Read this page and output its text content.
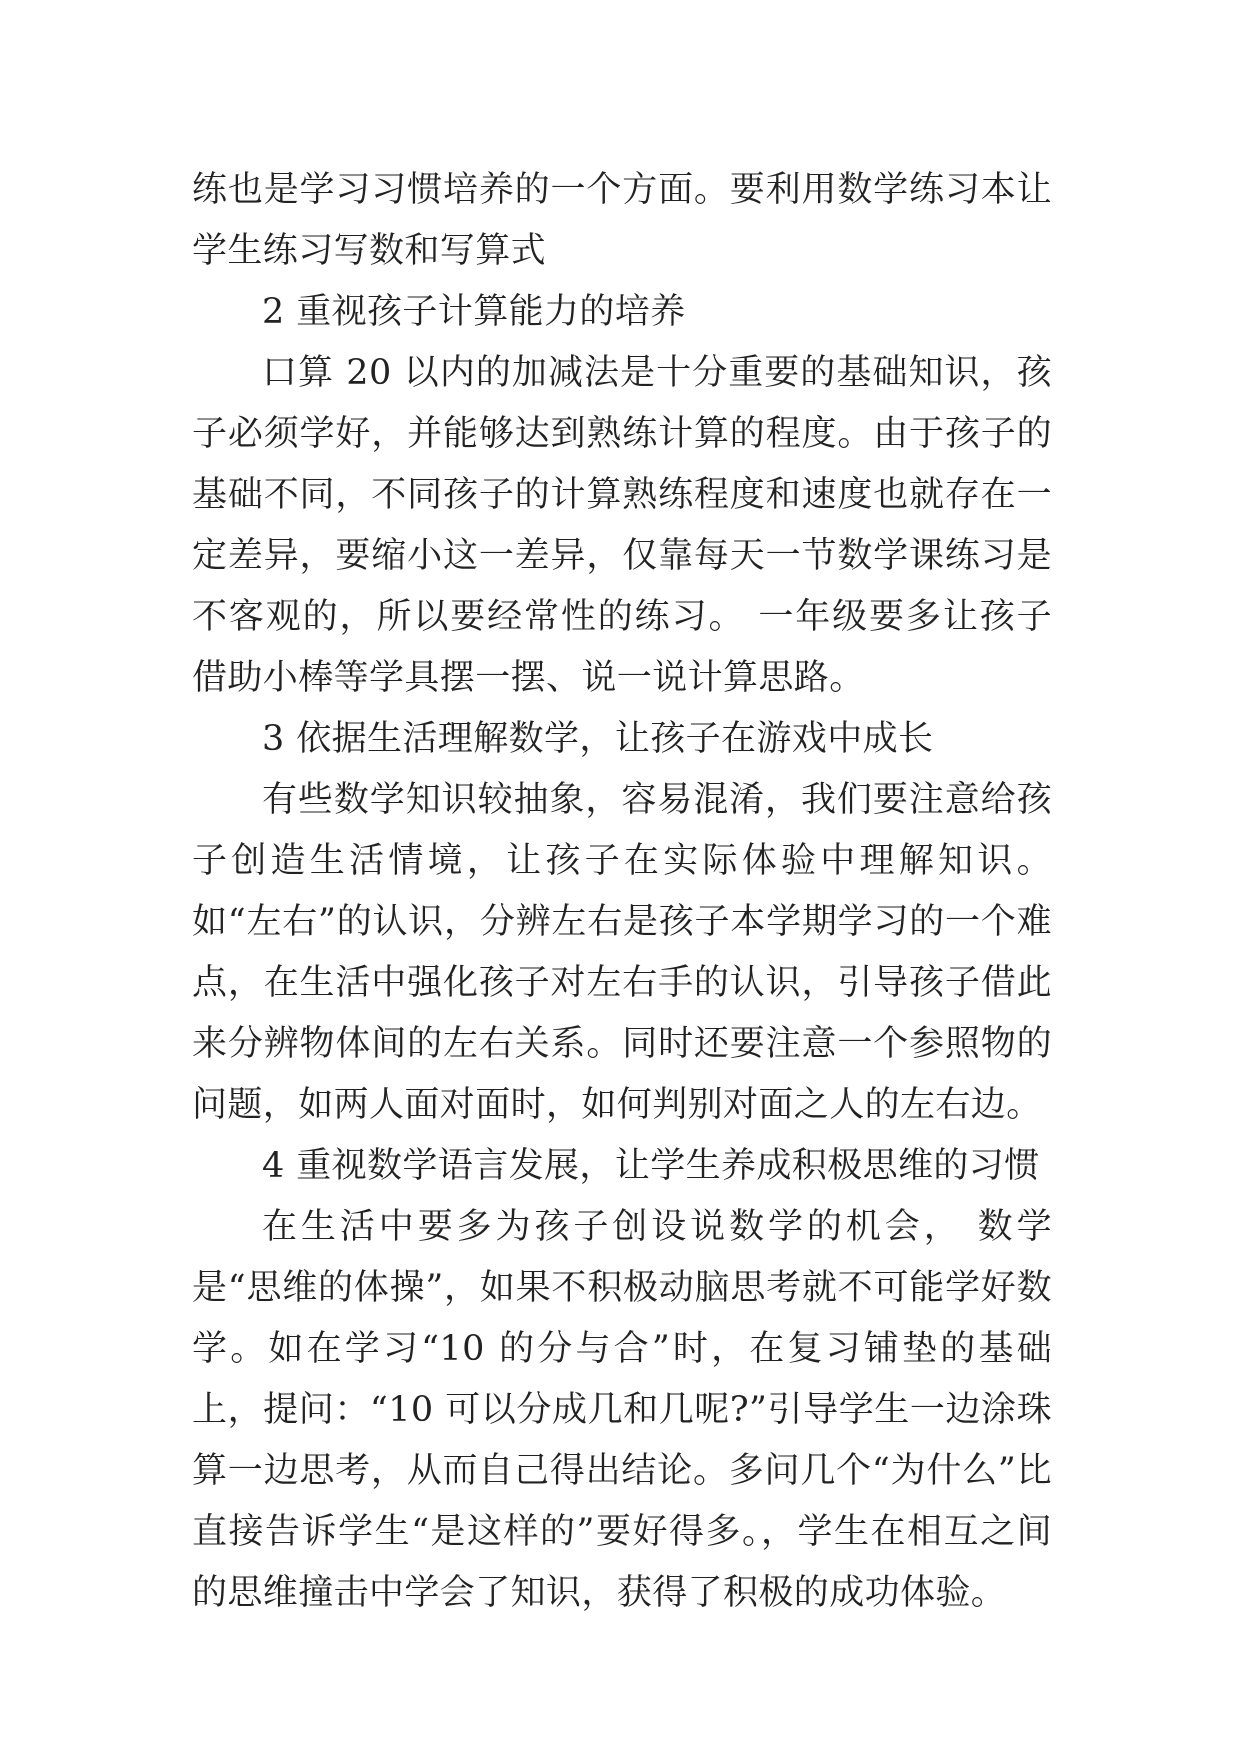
练也是学习习惯培养的一个方面。要利用数学练习本让学生练习写数和写算式

2 重视孩子计算能力的培养

口算 20 以内的加减法是十分重要的基础知识，孩子必须学好，并能够达到熟练计算的程度。由于孩子的基础不同，不同孩子的计算熟练程度和速度也就存在一定差异，要缩小这一差异，仅靠每天一节数学课练习是不客观的，所以要经常性的练习。 一年级要多让孩子借助小棒等学具摆一摆、说一说计算思路。

3 依据生活理解数学，让孩子在游戏中成长

有些数学知识较抽象，容易混淆，我们要注意给孩子创造生活情境，让孩子在实际体验中理解知识。如“左右”的认识，分辨左右是孩子本学期学习的一个难点，在生活中强化孩子对左右手的认识，引导孩子借此来分辨物体间的左右关系。同时还要注意一个参照物的问题，如两人面对面时，如何判别对面之人的左右边。

4 重视数学语言发展，让学生养成积极思维的习惯

在生活中要多为孩子创设说数学的机会， 数学是“思维的体操”，如果不积极动脑思考就不可能学好数学。如在学习“10 的分与合”时，在复习铺垫的基础上，提问：“10 可以分成几和几呢?”引导学生一边涂珠算一边思考，从而自己得出结论。多问几个“为什么”比直接告诉学生“是这样的”要好得多。，学生在相互之间的思维撞击中学会了知识，获得了积极的成功体验。
